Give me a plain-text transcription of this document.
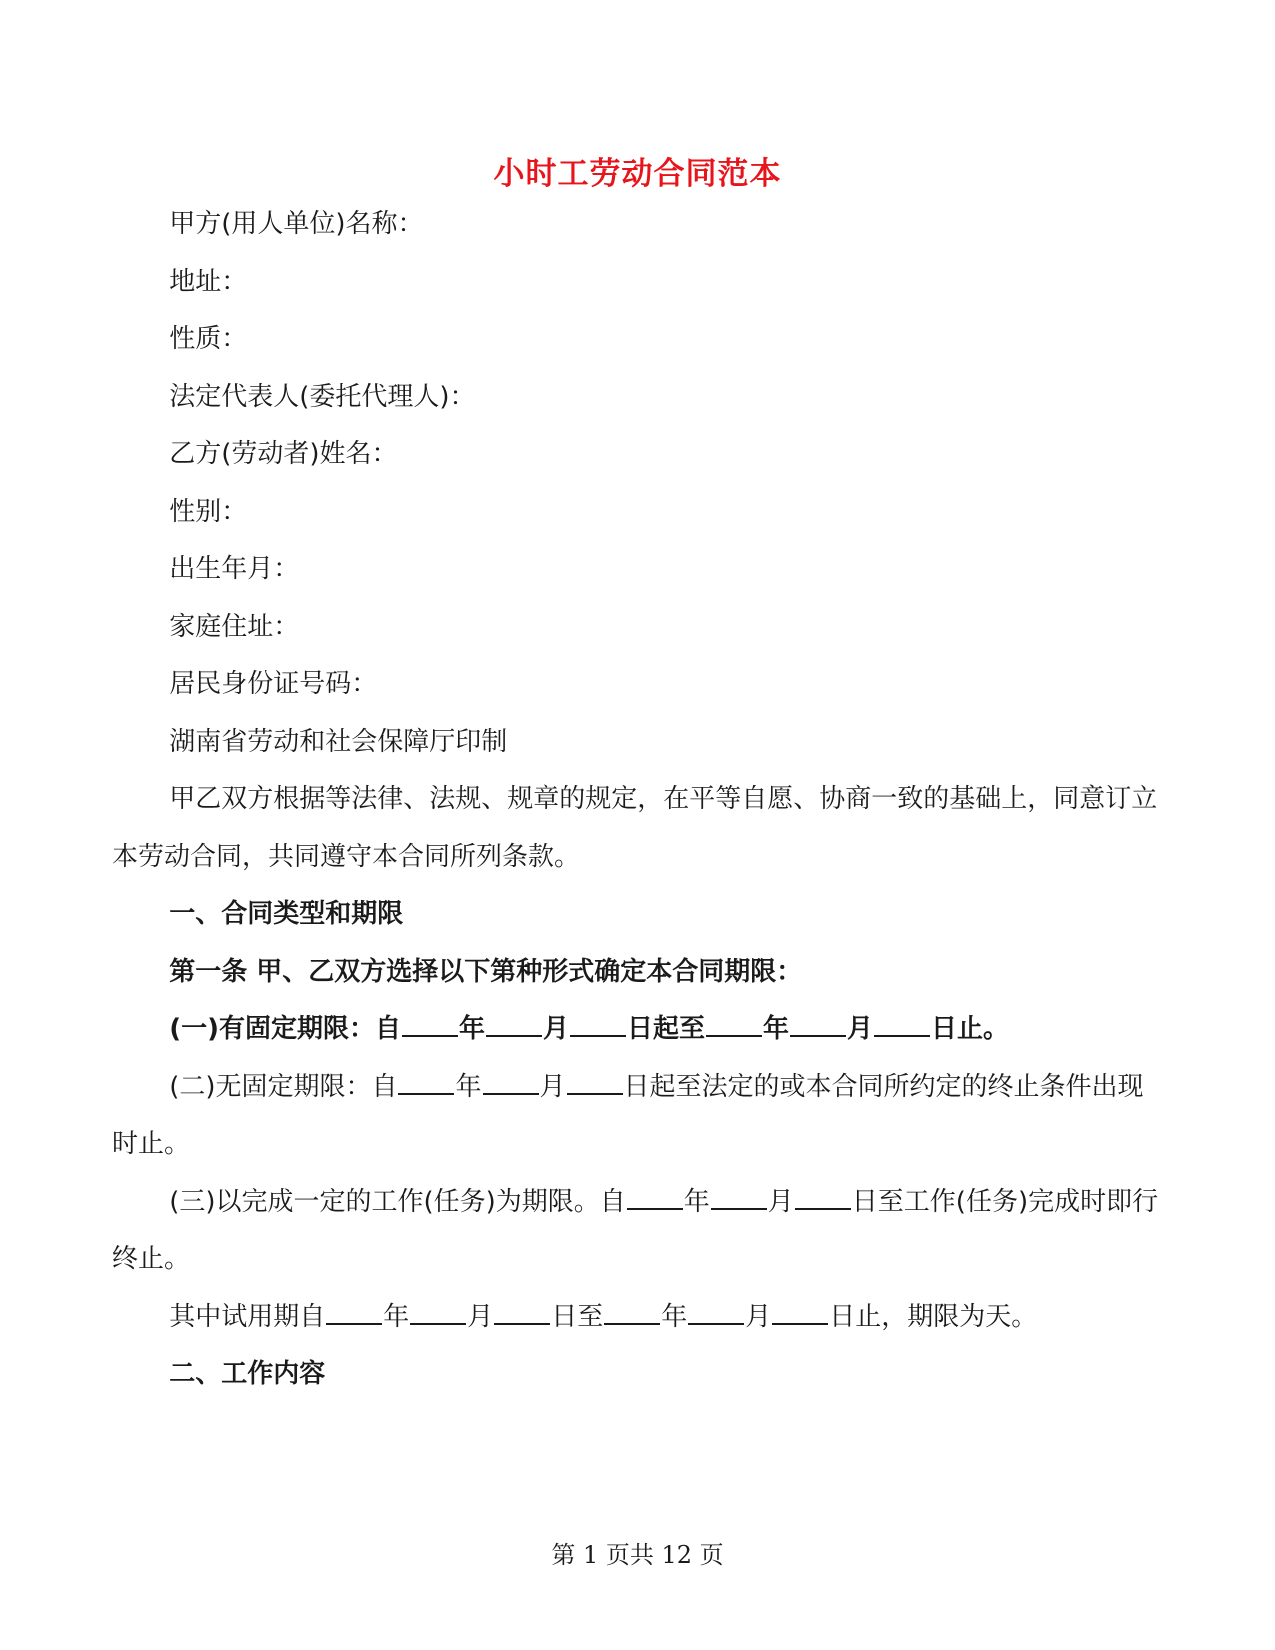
小时工劳动合同范本

甲方(用人单位)名称：

地址：

性质：

法定代表人(委托代理人)：

乙方(劳动者)姓名：

性别：

出生年月：

家庭住址：

居民身份证号码：

湖南省劳动和社会保障厅印制

甲乙双方根据等法律、法规、规章的规定，在平等自愿、协商一致的基础上，同意订立本劳动合同，共同遵守本合同所列条款。

一、合同类型和期限

第一条 甲、乙双方选择以下第种形式确定本合同期限：

(一)有固定期限：自 年 月 日起至 年 月 日止。

(二)无固定期限：自 年 月 日起至法定的或本合同所约定的终止条件出现时止。

(三)以完成一定的工作(任务)为期限。自 年 月 日至工作(任务)完成时即行终止。

其中试用期自 年 月 日至 年 月 日止，期限为天。

二、工作内容

第 1 页共 12 页
